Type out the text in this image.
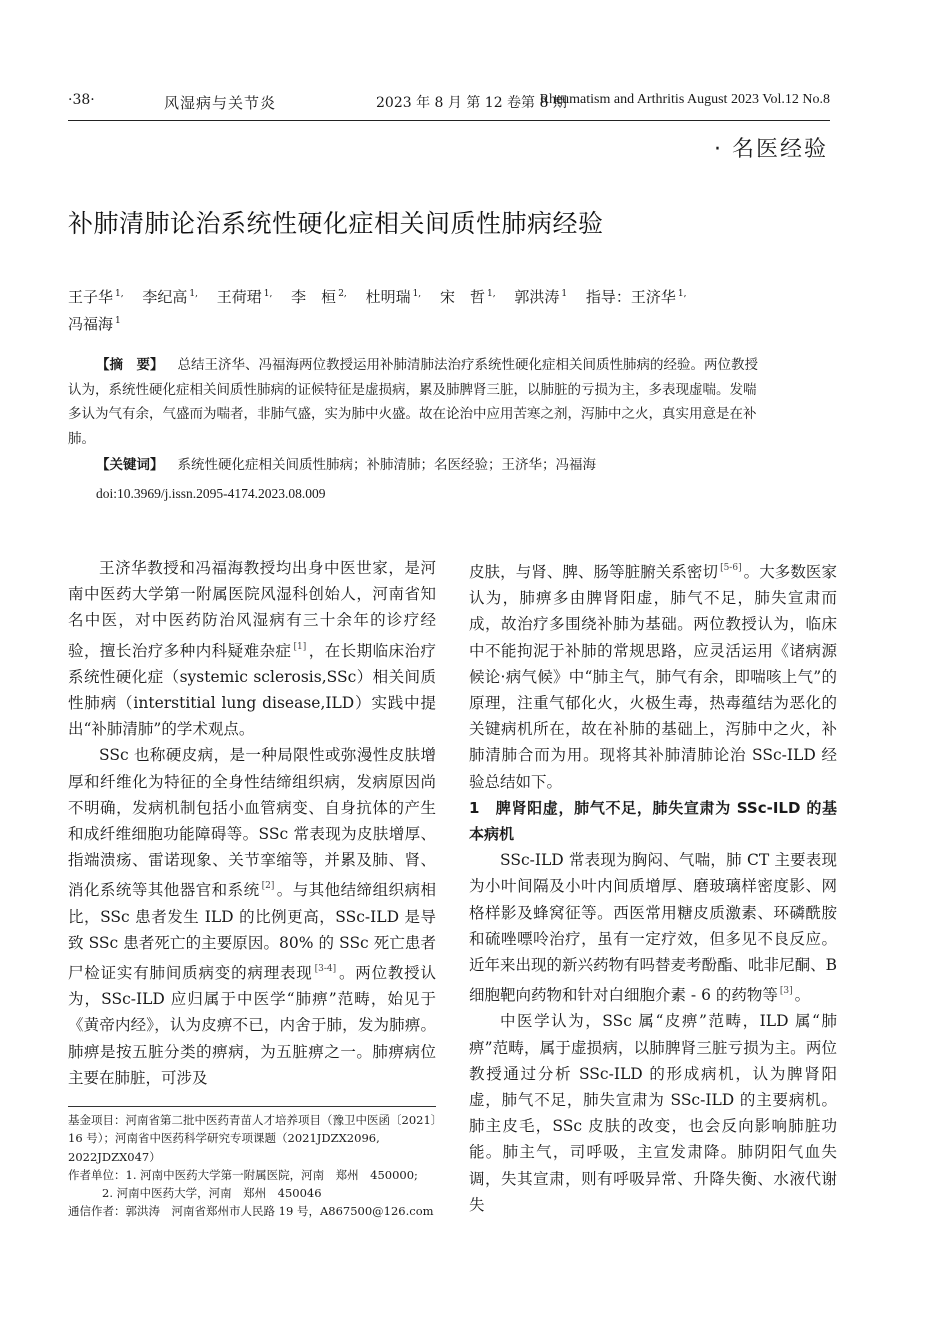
·38·	风湿病与关节炎	2023 年 8 月 第 12 卷第 8 期
Rheumatism and Arthritis August 2023 Vol.12 No.8
· 名医经验
补肺清肺论治系统性硬化症相关间质性肺病经验
王子华 $^{1,}$ 李纪高 $^{1,}$ 王荷珺 $^{1,}$ 李　桓 $^{2,}$ 杜明瑞 $^{1,}$ 宋　哲 $^{1,}$ 郭洪涛 $^1$ 指导：王济华 $^{1,}$
冯福海 $^1$

【摘　要】 总结王济华、冯福海两位教授运用补肺清肺法治疗系统性硬化症相关间质性肺病的经验。两位教授认为，系统性硬化症相关间质性肺病的证候特征是虚损病，累及肺脾肾三脏，以肺脏的亏损为主，多表现虚喘。发喘多认为气有余，气盛而为喘者，非肺气盛，实为肺中火盛。故在论治中应用苦寒之剂，泻肺中之火，真实用意是在补肺。

【关键词】 系统性硬化症相关间质性肺病；补肺清肺；名医经验；王济华；冯福海

doi:10.3969/j.issn.2095-4174.2023.08.009

王济华教授和冯福海教授均出身中医世家，是河南中医药大学第一附属医院风湿科创始人，河南省知名中医，对中医药防治风湿病有三十余年的诊疗经验，擅长治疗多种内科疑难杂症 [1] ，在长期临床治疗系统性硬化症（systemic sclerosis,SSc）相关间质性肺病（interstitial lung disease,ILD）实践中提出“补肺清肺”的学术观点。

SSc 也称硬皮病，是一种局限性或弥漫性皮肤增厚和纤维化为特征的全身性结缔组织病，发病原因尚不明确，发病机制包括小血管病变、自身抗体的产生和成纤维细胞功能障碍等。SSc 常表现为皮肤增厚、指端溃疡、雷诺现象、关节挛缩等，并累及肺、肾、消化系统等其他器官和系统 [2] 。与其他结缔组织病相比，SSc 患者发生 ILD 的比例更高，SSc-ILD 是导致 SSc 患者死亡的主要原因。80% 的 SSc 死亡患者尸检证实有肺间质病变的病理表现 [3-4] 。两位教授认为，SSc-ILD 应归属于中医学“肺痹”范畴，始见于《黄帝内经》，认为皮痹不已，内舍于肺，发为肺痹。肺痹是按五脏分类的痹病，为五脏痹之一。肺痹病位主要在肺脏，可涉及

皮肤，与肾、脾、肠等脏腑关系密切 [5-6] 。大多数医家认为，肺痹多由脾肾阳虚，肺气不足，肺失宣肃而成，故治疗多围绕补肺为基础。两位教授认为，临床中不能拘泥于补肺的常规思路，应灵活运用《诸病源候论·病气候》中“肺主气，肺气有余，即喘咳上气”的原理，注重气郁化火，火极生毒，热毒蕴结为恶化的关键病机所在，故在补肺的基础上，泻肺中之火，补肺清肺合而为用。现将其补肺清肺论治 SSc-ILD 经验总结如下。

1　脾肾阳虚，肺气不足，肺失宣肃为 SSc-ILD 的基本病机

SSc-ILD 常表现为胸闷、气喘，肺 CT 主要表现为小叶间隔及小叶内间质增厚、磨玻璃样密度影、网格样影及蜂窝征等。西医常用糖皮质激素、环磷酰胺和硫唑嘌呤治疗，虽有一定疗效，但多见不良反应。近年来出现的新兴药物有吗替麦考酚酯、吡非尼酮、B 细胞靶向药物和针对白细胞介素 - 6 的药物等 [3] 。

中医学认为，SSc 属“皮痹”范畴，ILD 属“肺痹”范畴，属于虚损病，以肺脾肾三脏亏损为主。两位教授通过分析 SSc-ILD 的形成病机，认为脾肾阳虚，肺气不足，肺失宣肃为 SSc-ILD 的主要病机。肺主皮毛，SSc 皮肤的改变，也会反向影响肺脏功能。肺主气，司呼吸，主宣发肃降。肺阴阳气血失调，失其宣肃，则有呼吸异常、升降失衡、水液代谢失

基金项目：河南省第二批中医药青苗人才培养项目（豫卫中医函〔2021〕16 号）；河南省中医药科学研究专项课题（2021JDZX2096, 2022JDZX047）

作者单位：1. 河南中医药大学第一附属医院，河南　郑州　450000;

2. 河南中医药大学，河南　郑州　450046

通信作者：郭洪涛　河南省郑州市人民路 19 号，A867500@126.com
